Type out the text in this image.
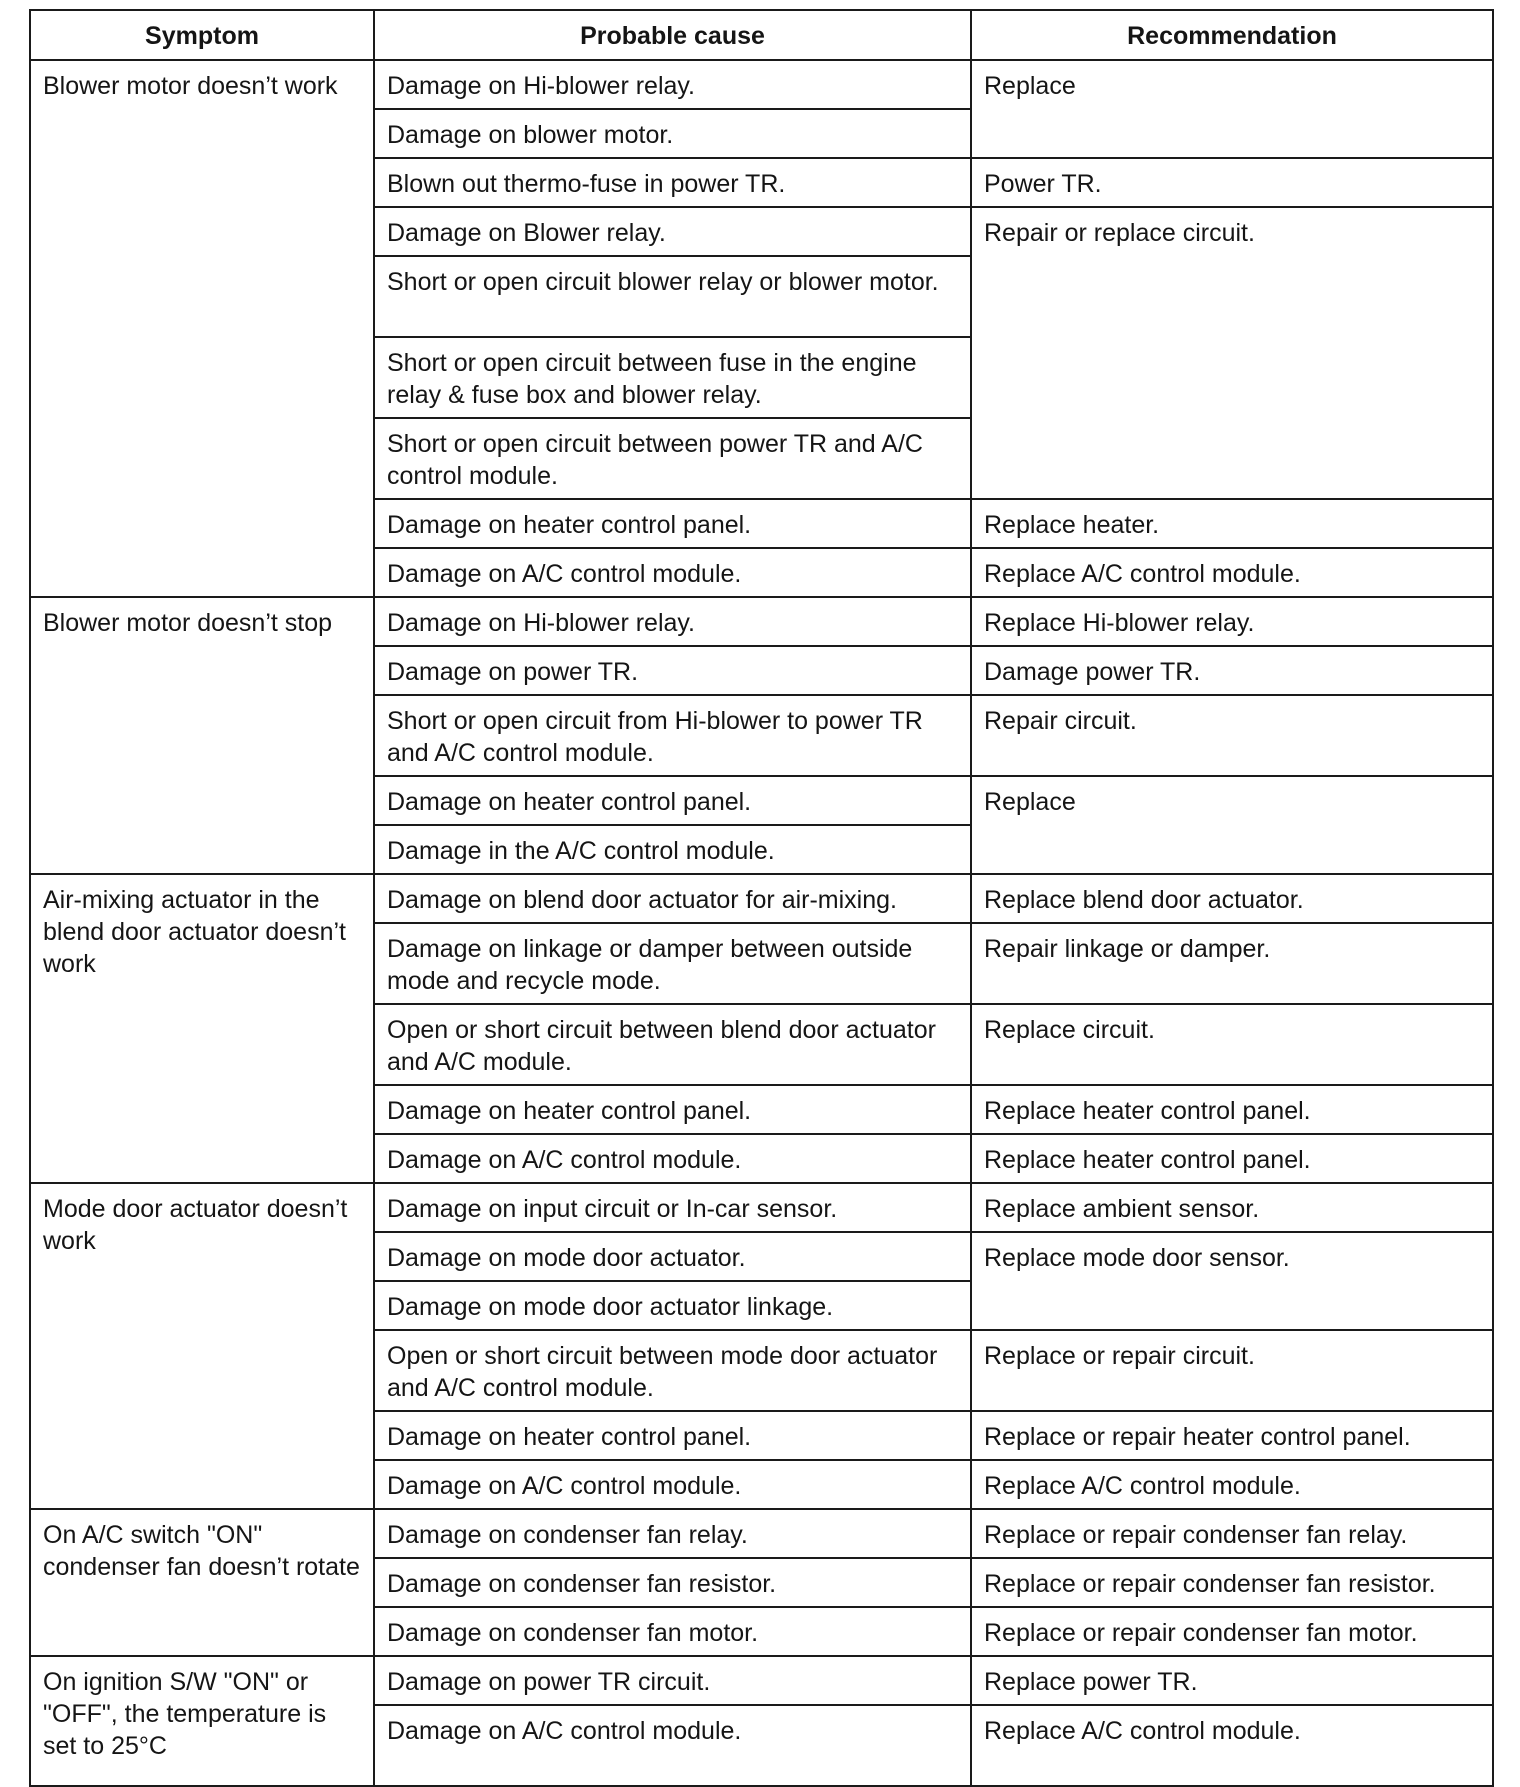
Symptom	Probable cause	Recommendation
Blower motor doesn’t work	Damage on Hi-blower relay.	Replace
	Damage on blower motor.	
	Blown out thermo-fuse in power TR.	Power TR.
	Damage on Blower relay.	Repair or replace circuit.
	Short or open circuit blower relay or blower motor.	
	Short or open circuit between fuse in the engine relay & fuse box and blower relay.	
	Short or open circuit between power TR and A/C control module.	
	Damage on heater control panel.	Replace heater.
	Damage on A/C control module.	Replace A/C control module.
Blower motor doesn’t stop	Damage on Hi-blower relay.	Replace Hi-blower relay.
	Damage on power TR.	Damage power TR.
	Short or open circuit from Hi-blower to power TR and A/C control module.	Repair circuit.
	Damage on heater control panel.	Replace
	Damage in the A/C control module.	
Air-mixing actuator in the blend door actuator doesn’t work	Damage on blend door actuator for air-mixing.	Replace blend door actuator.
	Damage on linkage or damper between outside mode and recycle mode.	Repair linkage or damper.
	Open or short circuit between blend door actuator and A/C module.	Replace circuit.
	Damage on heater control panel.	Replace heater control panel.
	Damage on A/C control module.	Replace heater control panel.
Mode door actuator doesn’t work	Damage on input circuit or In-car sensor.	Replace ambient sensor.
	Damage on mode door actuator.	Replace mode door sensor.
	Damage on mode door actuator linkage.	
	Open or short circuit between mode door actuator and A/C control module.	Replace or repair circuit.
	Damage on heater control panel.	Replace or repair heater control panel.
	Damage on A/C control module.	Replace A/C control module.
On A/C switch "ON" condenser fan doesn’t rotate	Damage on condenser fan relay.	Replace or repair condenser fan relay.
	Damage on condenser fan resistor.	Replace or repair condenser fan resistor.
	Damage on condenser fan motor.	Replace or repair condenser fan motor.
On ignition S/W "ON" or "OFF", the temperature is set to 25°C	Damage on power TR circuit.	Replace power TR.
	Damage on A/C control module.	Replace A/C control module.
